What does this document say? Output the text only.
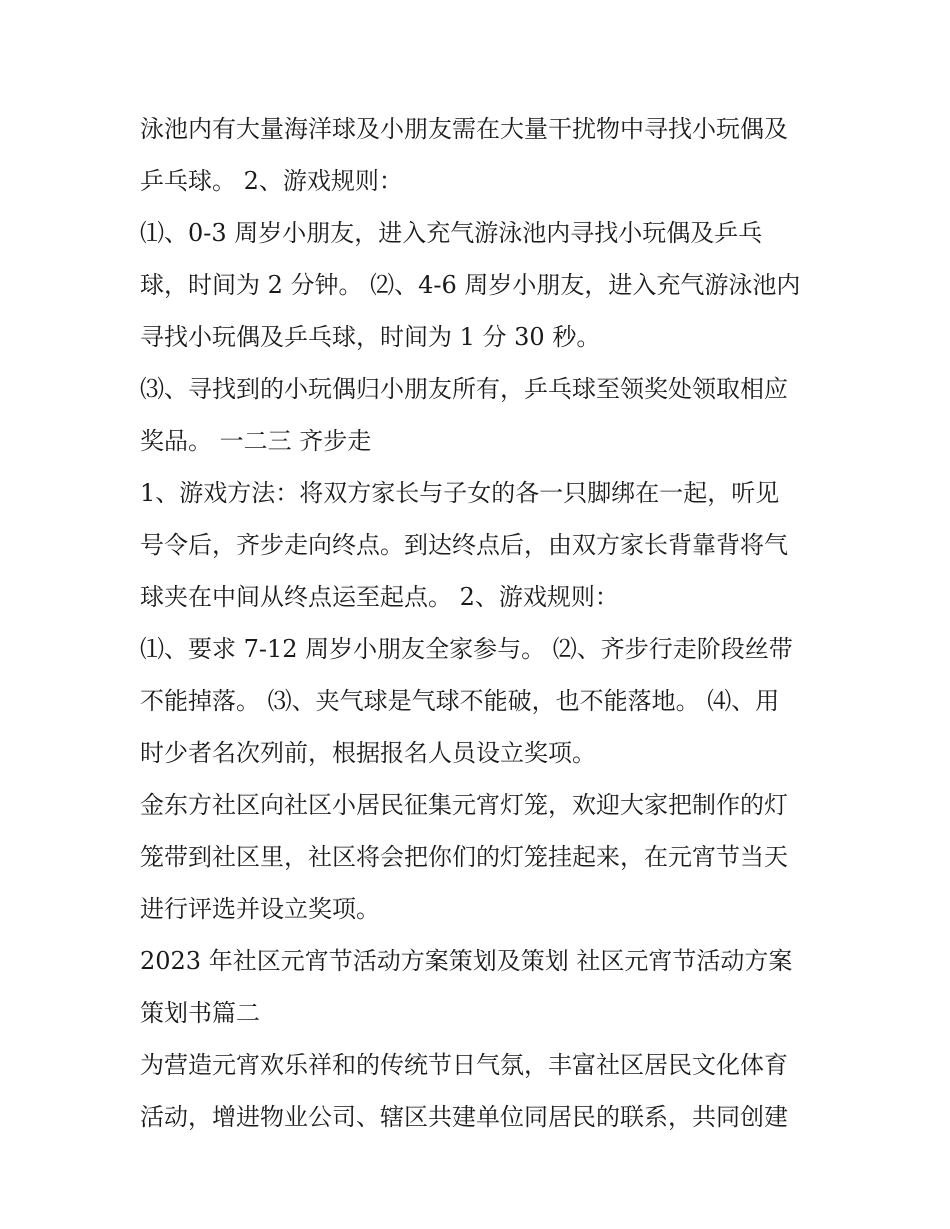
泳池内有大量海洋球及小朋友需在大量干扰物中寻找小玩偶及
乒乓球。 2、游戏规则：
⑴、0-3 周岁小朋友，进入充气游泳池内寻找小玩偶及乒乓
球，时间为 2 分钟。 ⑵、4-6 周岁小朋友，进入充气游泳池内
寻找小玩偶及乒乓球，时间为 1 分 30 秒。
⑶、寻找到的小玩偶归小朋友所有，乒乓球至领奖处领取相应
奖品。 一二三 齐步走
1、游戏方法：将双方家长与子女的各一只脚绑在一起，听见
号令后，齐步走向终点。到达终点后，由双方家长背靠背将气
球夹在中间从终点运至起点。 2、游戏规则：
⑴、要求 7-12 周岁小朋友全家参与。 ⑵、齐步行走阶段丝带
不能掉落。 ⑶、夹气球是气球不能破，也不能落地。 ⑷、用
时少者名次列前，根据报名人员设立奖项。
金东方社区向社区小居民征集元宵灯笼，欢迎大家把制作的灯
笼带到社区里，社区将会把你们的灯笼挂起来，在元宵节当天
进行评选并设立奖项。
2023 年社区元宵节活动方案策划及策划 社区元宵节活动方案
策划书篇二
为营造元宵欢乐祥和的传统节日气氛，丰富社区居民文化体育
活动，增进物业公司、辖区共建单位同居民的联系，共同创建
